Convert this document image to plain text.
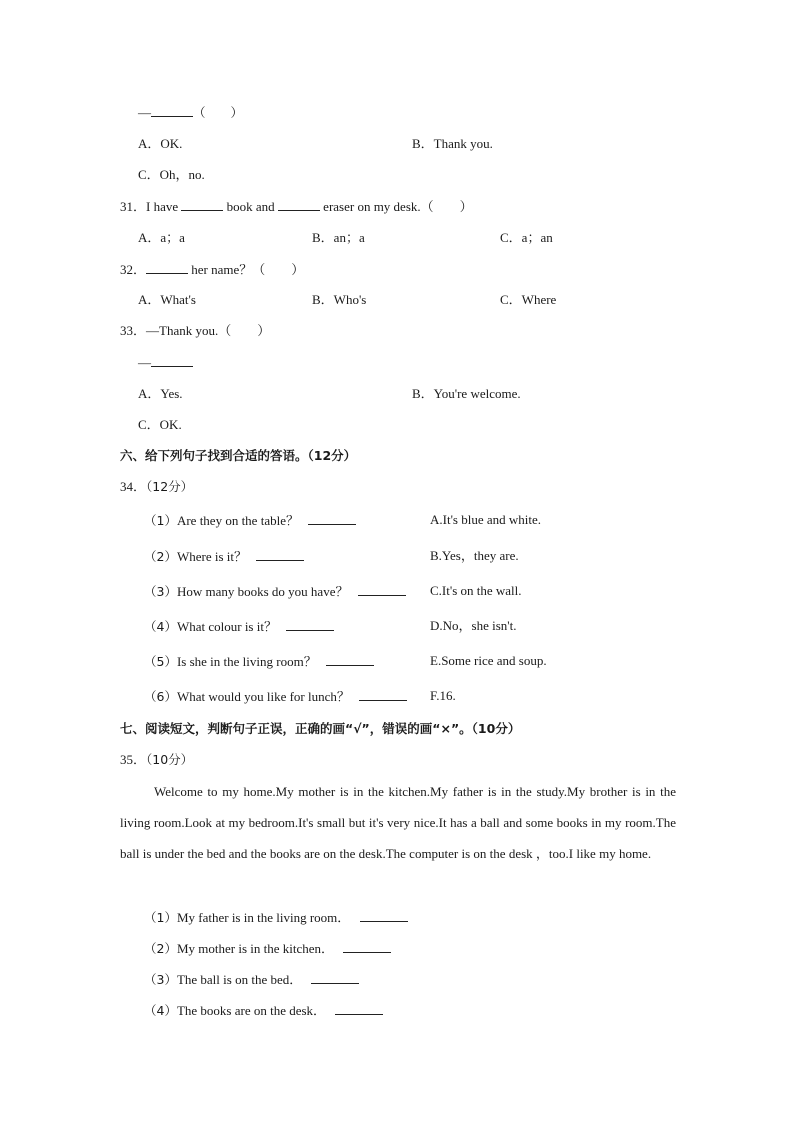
—	（　　）
A．OK.	B．Thank you.
C．Oh，no.
31．I have	book and	eraser on my desk.（　　）
A．a；a	B．an；a	C．a；an
32．	her name？（　　）
A．What's	B．Who's	C．Where
33．—Thank you.（　　）
—
A．Yes.	B．You're welcome.
C．OK.
六、给下列句子找到合适的答语。（12分）
34．（12分）
（1）Are they on the table？	A.It's blue and white.
（2）Where is it？	B.Yes，they are.
（3）How many books do you have？	C.It's on the wall.
（4）What colour is it？	D.No，she isn't.
（5）Is she in the living room？	E.Some rice and soup.
（6）What would you like for lunch？	F.16.
七、阅读短文，判断句子正误，正确的画“√”，错误的画“×”。（10分）
35．（10分）
Welcome to my home.My mother is in the kitchen.My father is in the study.My brother is in the living room.Look at my bedroom.It's small but it's very nice.It has a ball and some books in my room.The ball is under the bed and the books are on the desk.The computer is on the desk ，too.I like my home.
（1）My father is in the living room．
（2）My mother is in the kitchen．
（3）The ball is on the bed．
（4）The books are on the desk．
